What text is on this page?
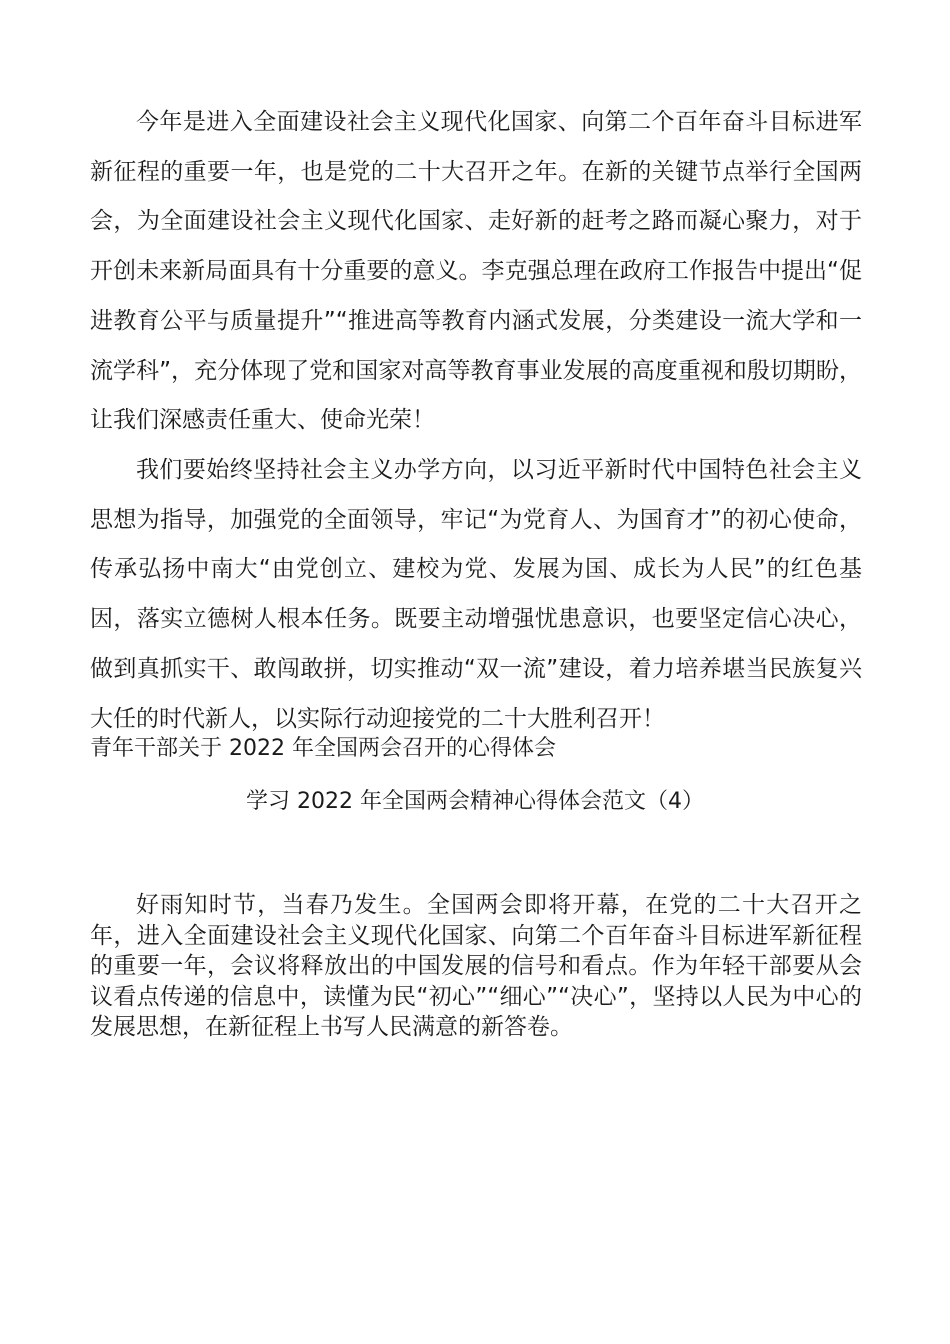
今年是进入全面建设社会主义现代化国家、向第二个百年奋斗目标进军新征程的重要一年，也是党的二十大召开之年。在新的关键节点举行全国两会，为全面建设社会主义现代化国家、走好新的赶考之路而凝心聚力，对于开创未来新局面具有十分重要的意义。李克强总理在政府工作报告中提出“促进教育公平与质量提升”“推进高等教育内涵式发展，分类建设一流大学和一流学科”，充分体现了党和国家对高等教育事业发展的高度重视和殷切期盼，让我们深感责任重大、使命光荣！

我们要始终坚持社会主义办学方向，以习近平新时代中国特色社会主义思想为指导，加强党的全面领导，牢记“为党育人、为国育才”的初心使命，传承弘扬中南大“由党创立、建校为党、发展为国、成长为人民”的红色基因，落实立德树人根本任务。既要主动增强忧患意识，也要坚定信心决心，做到真抓实干、敢闯敢拼，切实推动“双一流”建设，着力培养堪当民族复兴大任的时代新人，以实际行动迎接党的二十大胜利召开！

青年干部关于 2022 年全国两会召开的心得体会

学习 2022 年全国两会精神心得体会范文（4）

好雨知时节，当春乃发生。全国两会即将开幕，在党的二十大召开之年，进入全面建设社会主义现代化国家、向第二个百年奋斗目标进军新征程的重要一年，会议将释放出的中国发展的信号和看点。作为年轻干部要从会议看点传递的信息中，读懂为民“初心”“细心”“决心”，坚持以人民为中心的发展思想，在新征程上书写人民满意的新答卷。
